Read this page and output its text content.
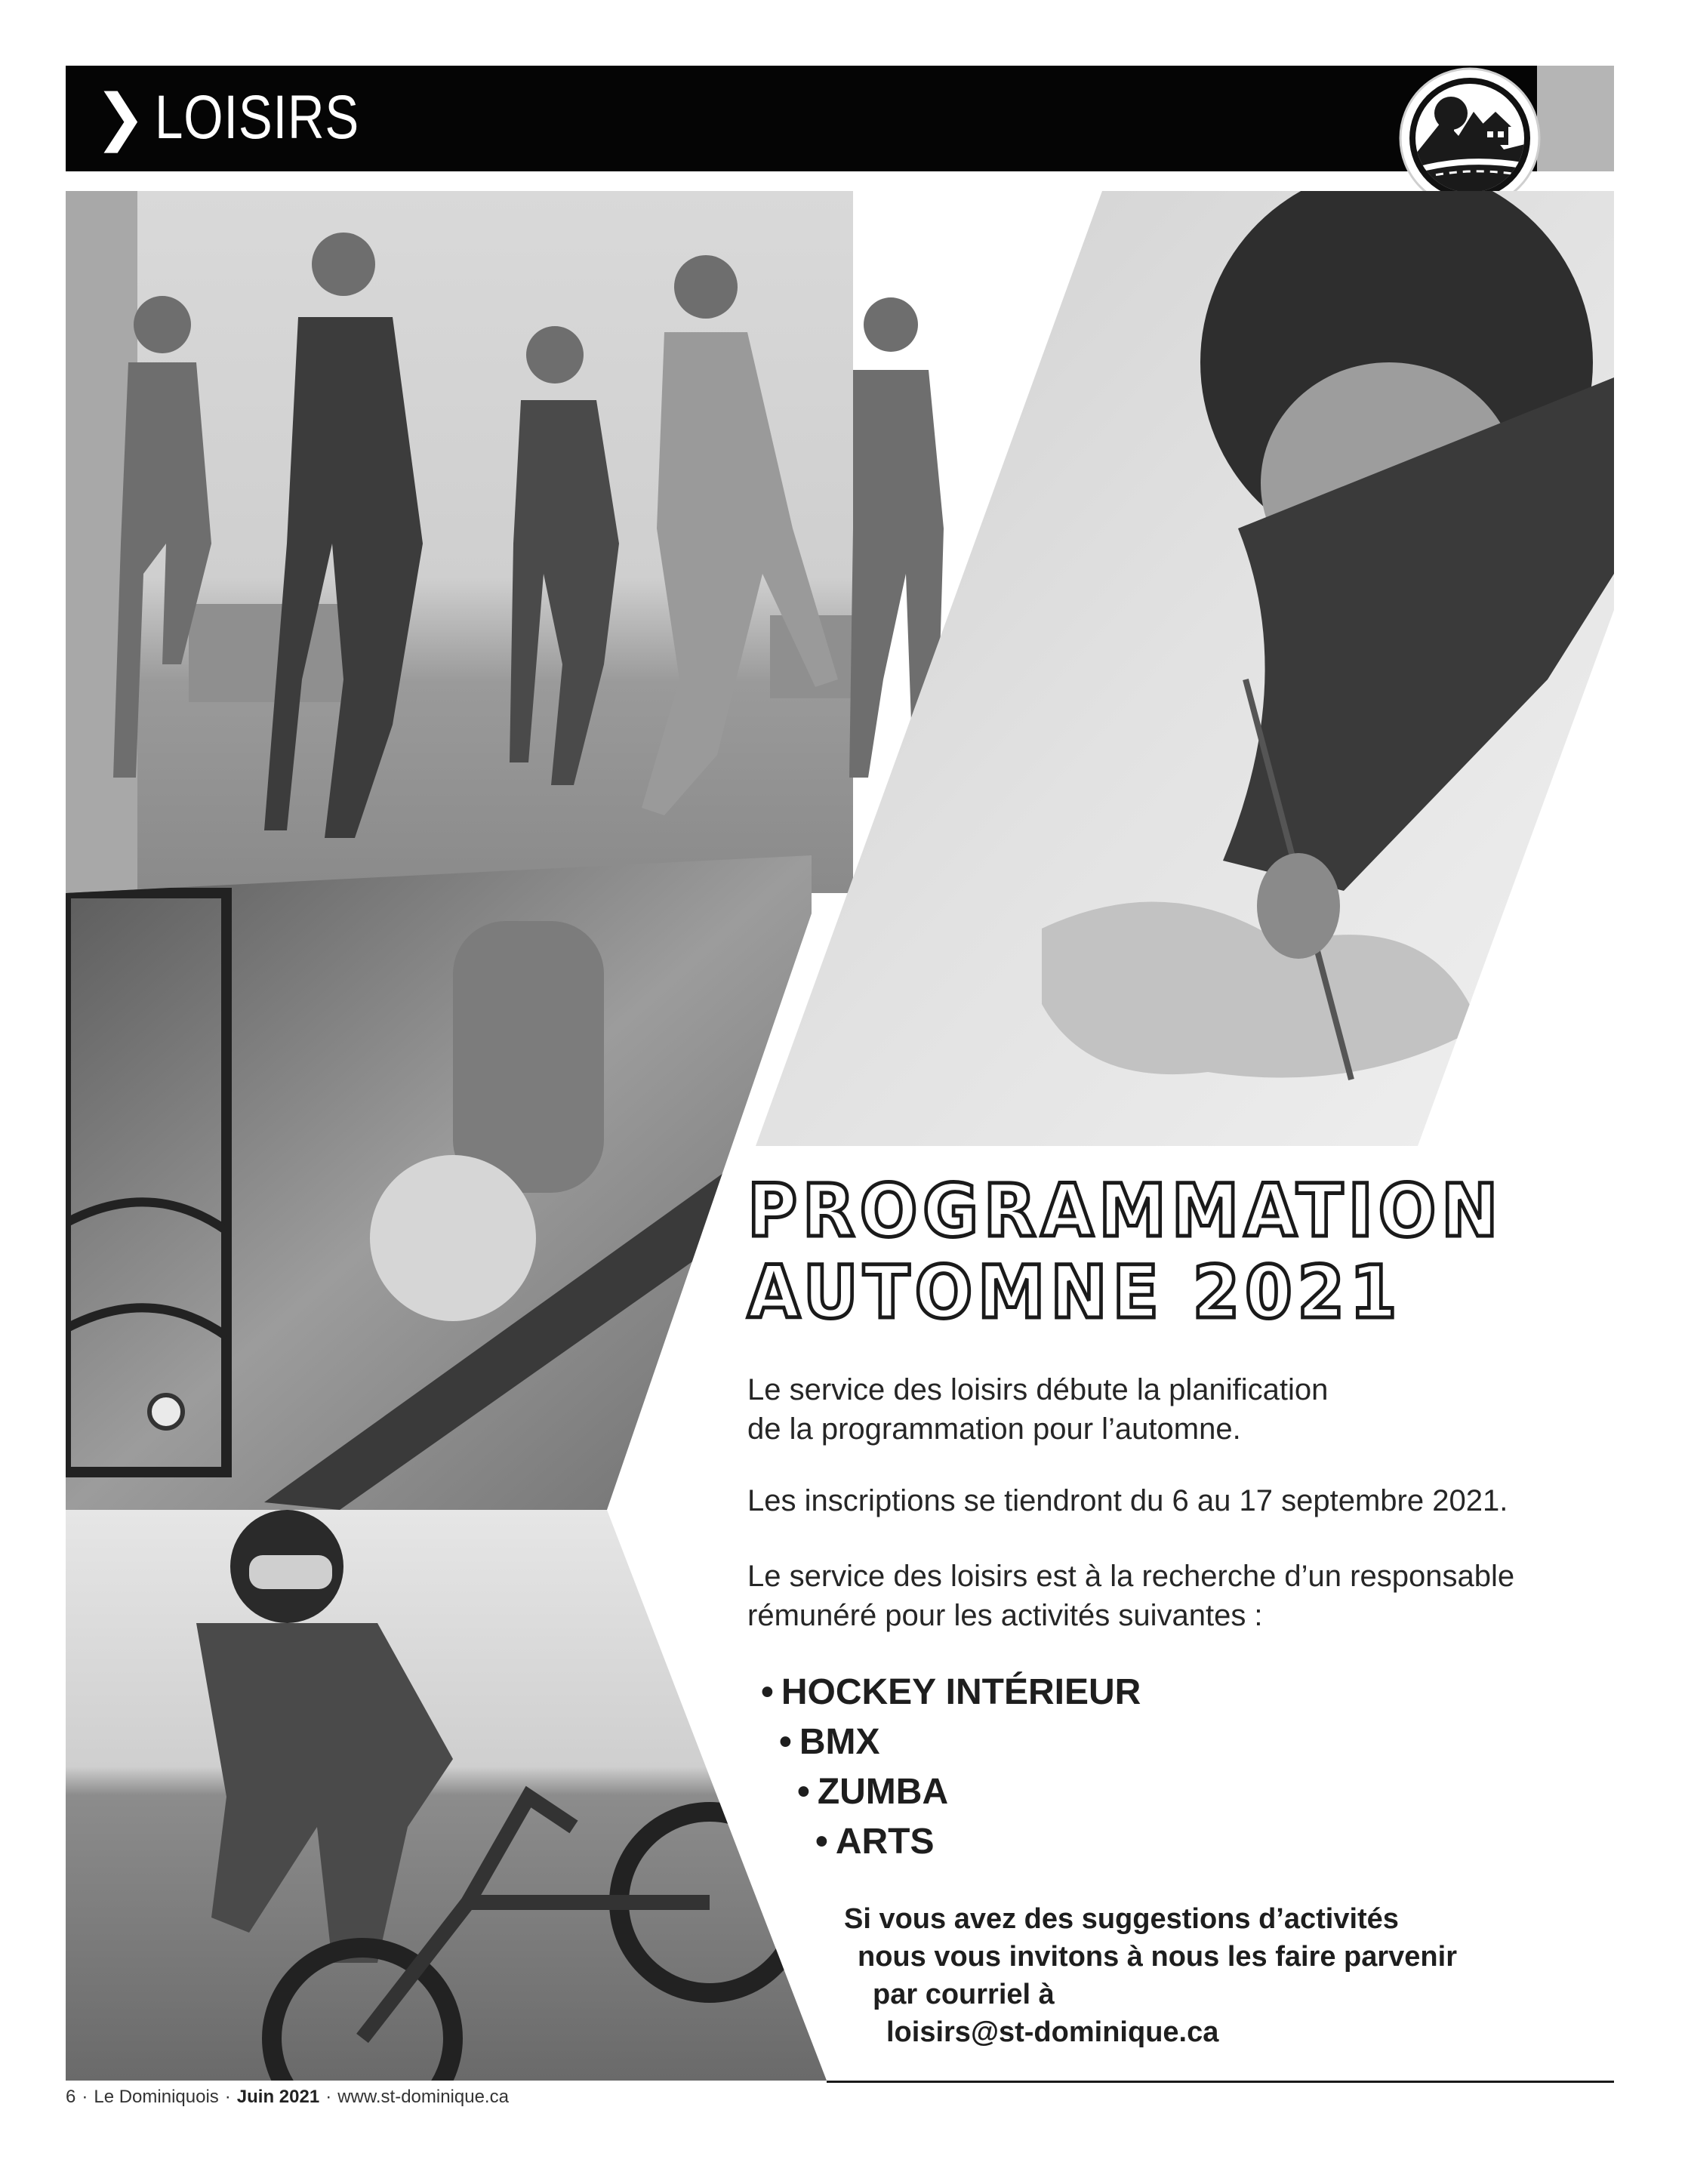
❯ LOISIRS
PROGRAMMATION
AUTOMNE 2021
Le service des loisirs débute la planification
de la programmation pour l’automne.
Les inscriptions se tiendront du 6 au 17 septembre 2021.
Le service des loisirs est à la recherche d’un responsable
rémunéré pour les activités suivantes :
• HOCKEY INTÉRIEUR
• BMX
• ZUMBA
• ARTS
Si vous avez des suggestions d’activités
nous vous invitons à nous les faire parvenir
par courriel à
loisirs@st-dominique.ca
6 · Le Dominiquois · Juin 2021 · www.st-dominique.ca
